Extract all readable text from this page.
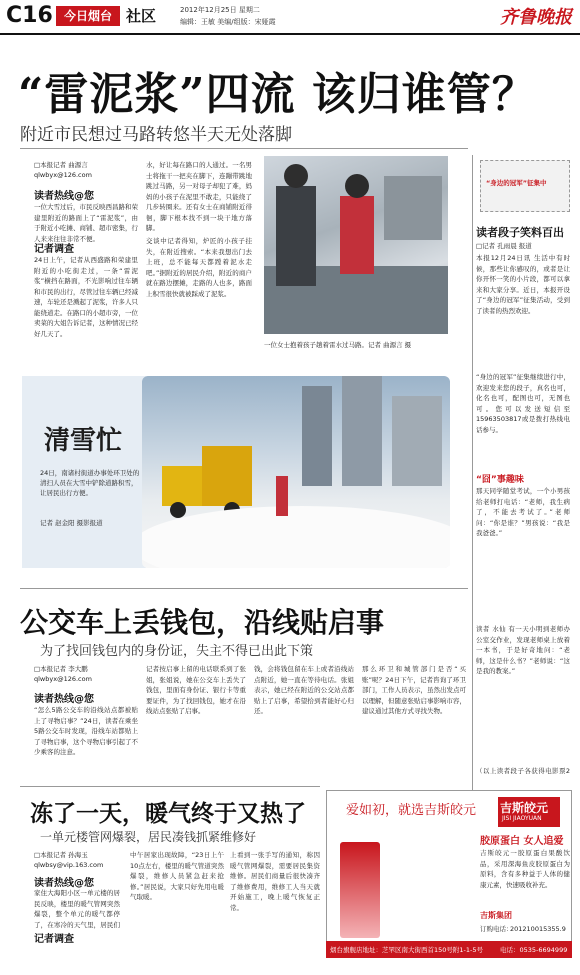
C16 今日烟台 社区	2012年12月25日 星期二
编辑：王敏 美编/组版：宋娅霞	齐鲁晚报
“雷泥浆”四流 该归谁管？
附近市民想过马路转悠半天无处落脚
□本报记者 曲源言
qlwbyx@126.com
读者热线@您
一位大雪过后，市民反映西昌路和荣建里附近的路面上了“雷泥浆”，由于附近小吃摊、商铺、超市密集，行人来来往往非常不便。
记者调查
24日上午，记者从西盛路和荣建里附近的小吃街走过，一条“雷泥浆”横挡在路面，不光影响过往车辆和市民的出行，尽管过往车辆已经减速，车轮还是溅起了泥浆，许多人只能绕道走。在路口的小超市旁，一位卖菜的大姐告诉记者，这种情况已经好几天了。
水，好让每在路口的人通过。一名男士将拖干一把夹在脚下，连蹦带跳地跳过马路，另一对母子却犯了难，妈妈的小孩子在泥里不敢走，只能绕了几步转圈来。还有女士在商铺附近徘徊，脚下根本找不到一块干地方落脚。
交谈中记者得知，炉匠的小孩子挂失，在附近搜索。“本来我想出门去上班，总不能每天都蹚着泥水走吧。”据附近的居民介绍，附近的商户就在路边摆摊，走路的人也多，路面上积雪很快就被踩成了泥浆。
一位女士抱着孩子趟着雷水过马路。记者 曲源言 摄
清雪忙
24日，南诸村街道办事处环卫处的清扫人员在大雪中铲除道路积雪，让居民出行方便。
记者 赵金阳 摄影报道
“身边的冠军”征集中
读者段子笑料百出
□记者 孔雨晨 报道
本报12月24日讯 生活中有时候，那些让你感叹的，或者是让你开怀一笑的小片段，都可以拿来和大家分享。近日，本报开设了“身边的冠军”征集活动，受到了读者的热烈欢迎。
“身边的冠军”征集继续进行中，欢迎发来您的段子，真名也可，化名也可，配图也可，无图也可。您可以发送短信至15963503817或是拨打热线电话参与。
“囧”事趣味
那天同学随堂考试，一个小男孩给老师打电话：“老师，我生病了，不能去考试了。”老师问：“你是谁？”男孩说：“我是我爸爸。”
读者 水仙 有一天小明到老师办公室交作业，发现老师桌上放着一本书，于是好奇地问：“老师，这是什么书？”老师说：“这是我的教案。”
（以上读者段子各获得电影票2
公交车上丢钱包，沿线贴启事
为了找回钱包内的身份证，失主不得已出此下策
□本报记者 李大鹏
qlwbyx@126.com
读者热线@您
“怎么5路公交车的沿线站点都被贴上了寻物启事？”24日，读者在乘坐5路公交车时发现，沿线车站都贴上了寻物启事，这个寻物启事引起了不少乘客的注意。
记者按启事上留的电话联系到了张姐，张姐说，她在公交车上丢失了钱包，里面有身份证、银行卡等重要证件，为了找回钱包，她才在沿线站点张贴了启事。
钱，会将钱包留在车上或者沿线站点附近，她一直在等待电话。张姐表示，她已经在附近的公交站点都贴上了启事，希望拾到者能好心归还。
那么环卫和城管部门是否“买账”呢？24日下午，记者咨询了环卫部门，工作人员表示，虽然出发点可以理解，但随意张贴启事影响市容，建议通过其他方式寻找失物。
冻了一天，暖气终于又热了
一单元楼管网爆裂，居民凑钱抓紧维修好
□本报记者 孙海玉
qlwbsy@vip.163.com
读者热线@您
家住大海阳小区一单元楼的居民反映，楼里的暖气管网突然爆裂，整个单元的暖气都停了，在寒冷的天气里，居民们
记者调查
中午居家出现故障，“23日上午10点左右，楼里的暖气管道突然爆裂，维修人员紧急赶来抢修。”居民说，大家只好先用电暖气取暖。
上看到一张手写的通知，称因暖气管网爆裂，需要居民集资维修。居民们商量后很快凑齐了维修费用，维修工人当天就开始施工，晚上暖气恢复正常。
爱如初，就选吉斯皎元 吉斯皎元
JISI JIAOYUAN
胶原蛋白 女人追爱
吉斯皎元一胶原蛋白果酸饮品，采用深海鱼皮胶原蛋白为原料，含有多种益于人体的健康元素，快速吸收补充。
吉斯集团
订购电话：
201210015355.9
烟台旗舰店地址：芝罘区南大街西首150号附1-1-5号	电话：0535-6694999
